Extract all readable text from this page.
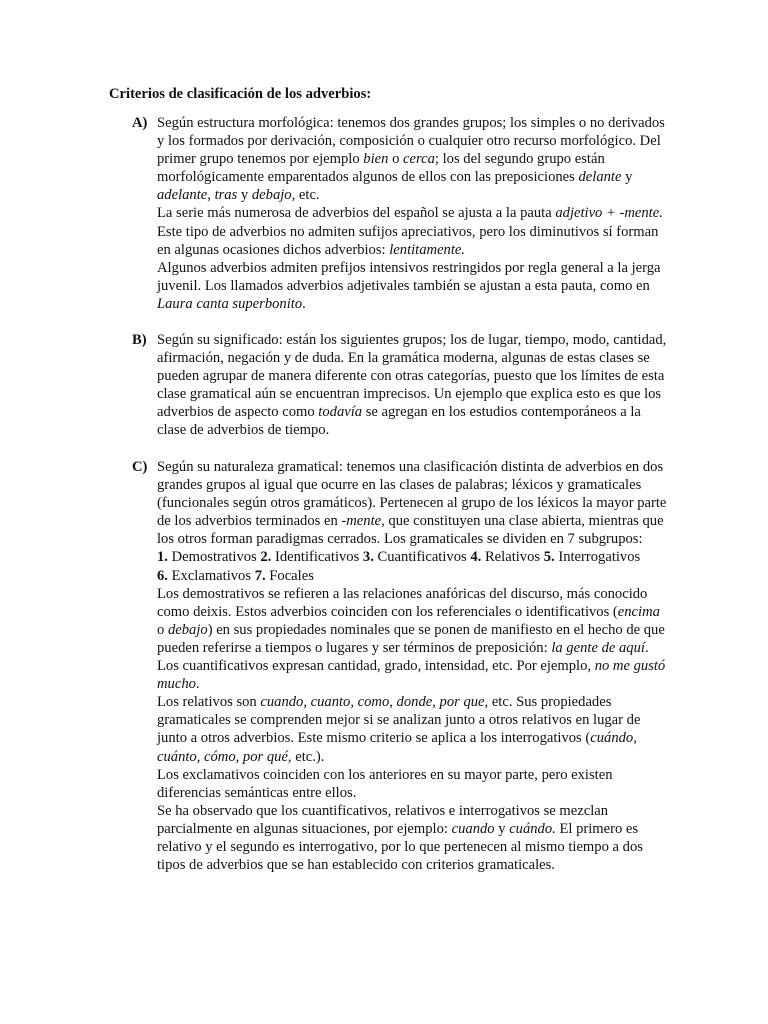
Criterios de clasificación de los adverbios:
A) Según estructura morfológica: tenemos dos grandes grupos; los simples o no derivados y los formados por derivación, composición o cualquier otro recurso morfológico. Del primer grupo tenemos por ejemplo bien o cerca; los del segundo grupo están morfológicamente emparentados algunos de ellos con las preposiciones delante y adelante, tras y debajo, etc.

La serie más numerosa de adverbios del español se ajusta a la pauta adjetivo + -mente. Este tipo de adverbios no admiten sufijos apreciativos, pero los diminutivos sí forman en algunas ocasiones dichos adverbios: lentitamente.

Algunos adverbios admiten prefijos intensivos restringidos por regla general a la jerga juvenil. Los llamados adverbios adjetivales también se ajustan a esta pauta, como en Laura canta superbonito.

B) Según su significado: están los siguientes grupos; los de lugar, tiempo, modo, cantidad, afirmación, negación y de duda. En la gramática moderna, algunas de estas clases se pueden agrupar de manera diferente con otras categorías, puesto que los límites de esta clase gramatical aún se encuentran imprecisos. Un ejemplo que explica esto es que los adverbios de aspecto como todavía se agregan en los estudios contemporáneos a la clase de adverbios de tiempo.

C) Según su naturaleza gramatical: tenemos una clasificación distinta de adverbios en dos grandes grupos al igual que ocurre en las clases de palabras; léxicos y gramaticales (funcionales según otros gramáticos). Pertenecen al grupo de los léxicos la mayor parte de los adverbios terminados en -mente, que constituyen una clase abierta, mientras que los otros forman paradigmas cerrados. Los gramaticales se dividen en 7 subgrupos:

1. Demostrativos 2. Identificativos 3. Cuantificativos 4. Relativos 5. Interrogativos

6. Exclamativos 7. Focales

Los demostrativos se refieren a las relaciones anafóricas del discurso, más conocido como deixis. Estos adverbios coinciden con los referenciales o identificativos (encima o debajo) en sus propiedades nominales que se ponen de manifiesto en el hecho de que pueden referirse a tiempos o lugares y ser términos de preposición: la gente de aquí.

Los cuantificativos expresan cantidad, grado, intensidad, etc. Por ejemplo, no me gustó mucho.

Los relativos son cuando, cuanto, como, donde, por que, etc. Sus propiedades gramaticales se comprenden mejor si se analizan junto a otros relativos en lugar de junto a otros adverbios. Este mismo criterio se aplica a los interrogativos (cuándo, cuánto, cómo, por qué, etc.).

Los exclamativos coinciden con los anteriores en su mayor parte, pero existen diferencias semánticas entre ellos.

Se ha observado que los cuantificativos, relativos e interrogativos se mezclan parcialmente en algunas situaciones, por ejemplo: cuando y cuándo. El primero es relativo y el segundo es interrogativo, por lo que pertenecen al mismo tiempo a dos tipos de adverbios que se han establecido con criterios gramaticales.
